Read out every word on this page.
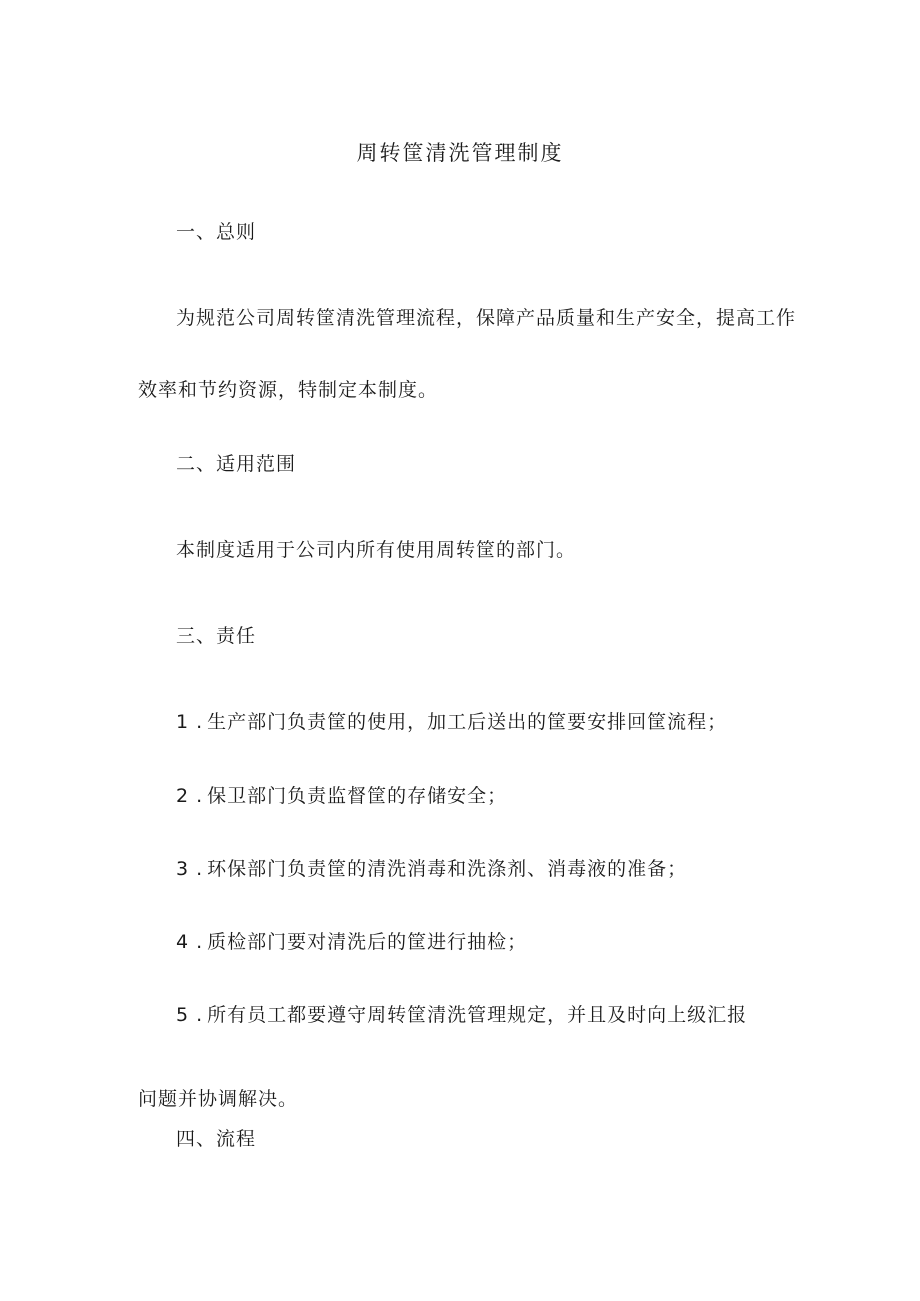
周转筐清洗管理制度
一、总则
为规范公司周转筐清洗管理流程，保障产品质量和生产安全，提高工作
效率和节约资源，特制定本制度。
二、适用范围
本制度适用于公司内所有使用周转筐的部门。
三、责任
1 . 生产部门负责筐的使用，加工后送出的筐要安排回筐流程；
2 . 保卫部门负责监督筐的存储安全；
3 . 环保部门负责筐的清洗消毒和洗涤剂、消毒液的准备；
4 . 质检部门要对清洗后的筐进行抽检；
5 . 所有员工都要遵守周转筐清洗管理规定，并且及时向上级汇报
问题并协调解决。
四、流程
